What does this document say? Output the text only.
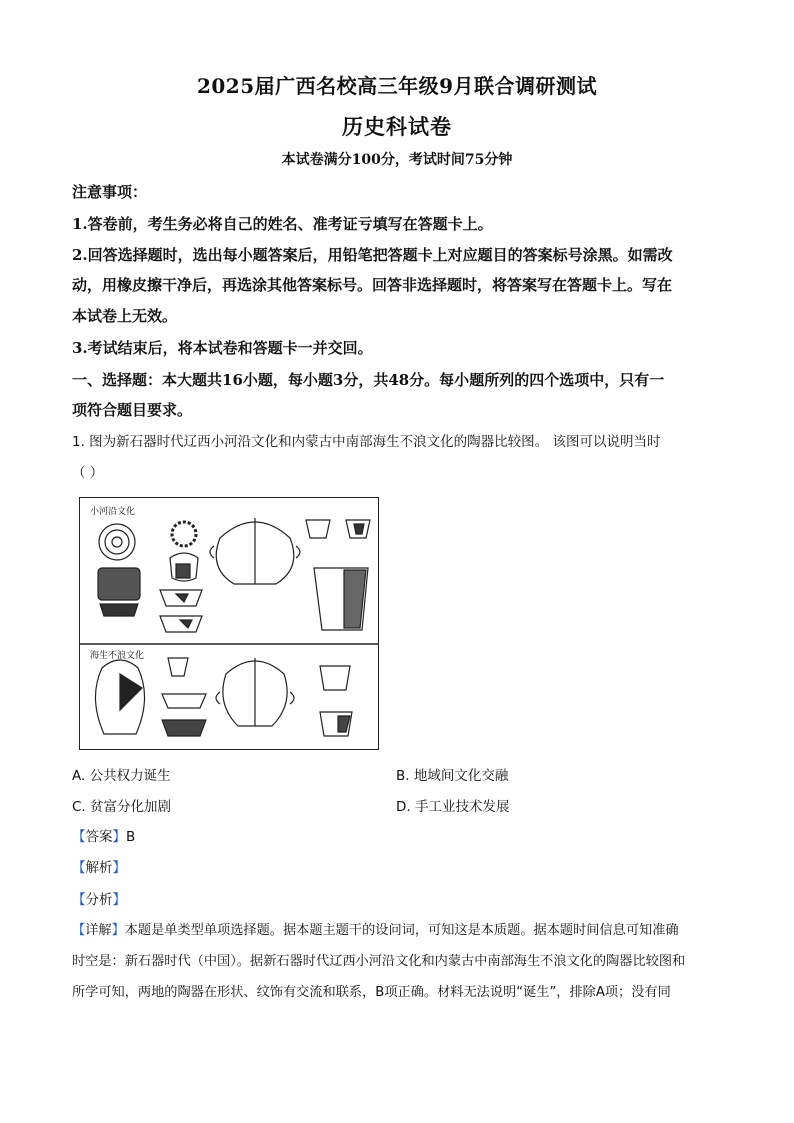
2025届广西名校高三年级9月联合调研测试
历史科试卷
本试卷满分100分，考试时间75分钟
注意事项：
1.答卷前，考生务必将自己的姓名、准考证亏填写在答题卡上。
2.回答选择题时，选出每小题答案后，用铅笔把答题卡上对应题目的答案标号涂黑。如需改
动，用橡皮擦干净后，再选涂其他答案标号。回答非选择题时，将答案写在答题卡上。写在
本试卷上无效。
3.考试结束后，将本试卷和答题卡一并交回。
一、选择题：本大题共16小题，每小题3分，共48分。每小题所列的四个选项中，只有一
项符合题目要求。
1. 图为新石器时代辽西小河沿文化和内蒙古中南部海生不浪文化的陶器比较图。 该图可以说明当时
（ ）
小河沿文化
海生不浪文化
A. 公共权力诞生	B. 地域间文化交融
C. 贫富分化加剧	D. 手工业技术发展
【答案】B
【解析】
【分析】
【详解】本题是单类型单项选择题。据本题主题干的设问词，可知这是本质题。据本题时间信息可知准确
时空是：新石器时代（中国）。据新石器时代辽西小河沿文化和内蒙古中南部海生不浪文化的陶器比较图和
所学可知，两地的陶器在形状、纹饰有交流和联系，B项正确。材料无法说明“诞生”，排除A项；没有同
